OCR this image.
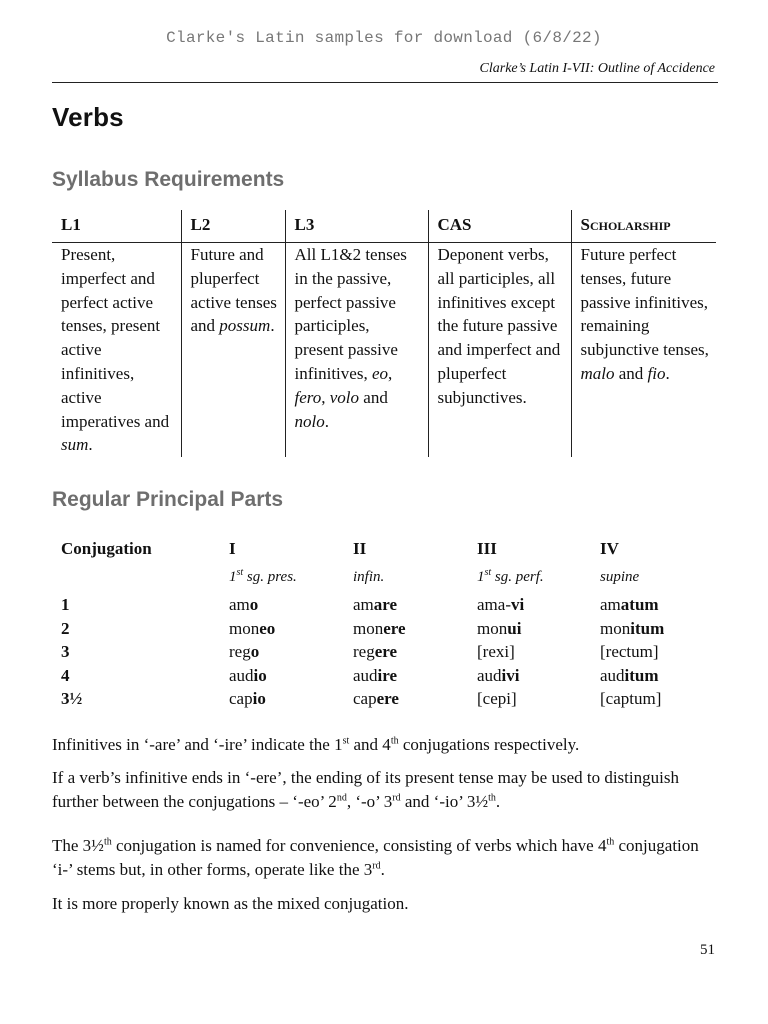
Clarke's Latin samples for download (6/8/22)
Clarke’s Latin I-VII: Outline of Accidence
Verbs
Syllabus Requirements
L1	L2	L3	CAS	Scholarship
Present, imperfect and perfect active tenses, present active infinitives, active imperatives and sum.	Future and pluperfect active tenses and possum.	All L1&2 tenses in the passive, perfect passive participles, present passive infinitives, eo, fero, volo and nolo.	Deponent verbs, all participles, all infinitives except the future passive and imperfect and pluperfect subjunctives.	Future perfect tenses, future passive infinitives, remaining subjunctive tenses, malo and fio.
Regular Principal Parts
Conjugation	I	II	III	IV
	1st sg. pres.	infin.	1st sg. perf.	supine
1	amo	amare	ama-vi	amatum
2	moneo	monere	monui	monitum
3	rego	regere	[rexi]	[rectum]
4	audio	audire	audivi	auditum
3½	capio	capere	[cepi]	[captum]
Infinitives in ‘-are’ and ‘-ire’ indicate the 1st and 4th conjugations respectively.
If a verb’s infinitive ends in ‘-ere’, the ending of its present tense may be used to distinguish further between the conjugations – ‘-eo’ 2nd, ‘-o’ 3rd and ‘-io’ 3½$^{th}$.
The 3½$^{th}$ conjugation is named for convenience, consisting of verbs which have 4th conjugation ‘i-’ stems but, in other forms, operate like the 3rd.
It is more properly known as the mixed conjugation.
51
